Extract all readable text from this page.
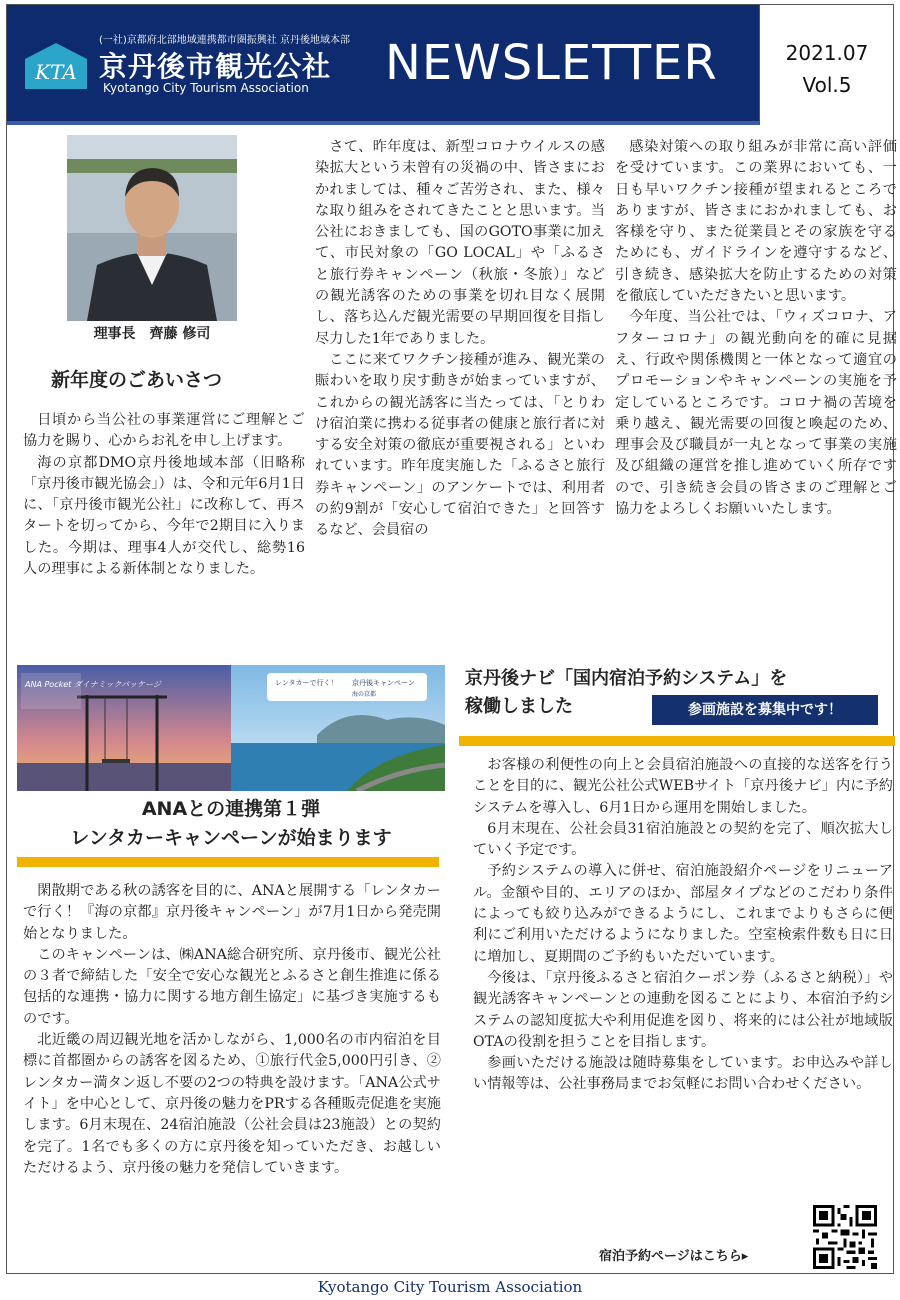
KTA
(一社)京都府北部地域連携都市圏振興社 京丹後地域本部
京丹後市観光公社
Kyotango City Tourism Association NEWSLETTER	2021.07
Vol.5
理事長　齊藤 修司
新年度のごあいさつ

日頃から当公社の事業運営にご理解とご協力を賜り、心からお礼を申し上げます。

海の京都DMO京丹後地域本部（旧略称「京丹後市観光協会」）は、令和元年6月1日に、「京丹後市観光公社」に改称して、再スタートを切ってから、今年で2期目に入りました。今期は、理事4人が交代し、総勢16人の理事による新体制となりました。

さて、昨年度は、新型コロナウイルスの感染拡大という未曾有の災禍の中、皆さまにおかれましては、種々ご苦労され、また、様々な取り組みをされてきたことと思います。当公社におきましても、国のGOTO事業に加えて、市民対象の「GO LOCAL」や「ふるさと旅行券キャンペーン（秋旅・冬旅）」などの観光誘客のための事業を切れ目なく展開し、落ち込んだ観光需要の早期回復を目指し尽力した1年でありました。

ここに来てワクチン接種が進み、観光業の賑わいを取り戻す動きが始まっていますが、これからの観光誘客に当たっては、「とりわけ宿泊業に携わる従事者の健康と旅行者に対する安全対策の徹底が重要視される」といわれています。昨年度実施した「ふるさと旅行券キャンペーン」のアンケートでは、利用者の約9割が「安心して宿泊できた」と回答するなど、会員宿の

感染対策への取り組みが非常に高い評価を受けています。この業界においても、一日も早いワクチン接種が望まれるところでありますが、皆さまにおかれましても、お客様を守り、また従業員とその家族を守るためにも、ガイドラインを遵守するなど、引き続き、感染拡大を防止するための対策を徹底していただきたいと思います。

今年度、当公社では、「ウィズコロナ、アフターコロナ」の観光動向を的確に見据え、行政や関係機関と一体となって適宜のプロモーションやキャンペーンの実施を予定しているところです。コロナ禍の苦境を乗り越え、観光需要の回復と喚起のため、理事会及び職員が一丸となって事業の実施及び組織の運営を推し進めていく所存ですので、引き続き会員の皆さまのご理解とご協力をよろしくお願いいたします。

ANA Pocket ダイナミックパッケージ	レンタカーで行く！ 京丹後キャンペーン
海の京都
ANAとの連携第１弾
レンタカーキャンペーンが始まります

閑散期である秋の誘客を目的に、ANAと展開する「レンタカーで行く！『海の京都』京丹後キャンペーン」が7月1日から発売開始となりました。

このキャンペーンは、㈱ANA総合研究所、京丹後市、観光公社の３者で締結した「安全で安心な観光とふるさと創生推進に係る包括的な連携・協力に関する地方創生協定」に基づき実施するものです。

北近畿の周辺観光地を活かしながら、1,000名の市内宿泊を目標に首都圏からの誘客を図るため、①旅行代金5,000円引き、②レンタカー満タン返し不要の2つの特典を設けます。「ANA公式サイト」を中心として、京丹後の魅力をPRする各種販売促進を実施します。6月末現在、24宿泊施設（公社会員は23施設）との契約を完了。1名でも多くの方に京丹後を知っていただき、お越しいただけるよう、京丹後の魅力を発信していきます。

京丹後ナビ「国内宿泊予約システム」を
稼働しました	参画施設を募集中です！

お客様の利便性の向上と会員宿泊施設への直接的な送客を行うことを目的に、観光公社公式WEBサイト「京丹後ナビ」内に予約システムを導入し、6月1日から運用を開始しました。

6月末現在、公社会員31宿泊施設との契約を完了、順次拡大していく予定です。

予約システムの導入に併せ、宿泊施設紹介ページをリニューアル。金額や目的、エリアのほか、部屋タイプなどのこだわり条件によっても絞り込みができるようにし、これまでよりもさらに便利にご利用いただけるようになりました。空室検索件数も日に日に増加し、夏期間のご予約もいただいています。

今後は、「京丹後ふるさと宿泊クーポン券（ふるさと納税）」や観光誘客キャンペーンとの連動を図ることにより、本宿泊予約システムの認知度拡大や利用促進を図り、将来的には公社が地域版OTAの役割を担うことを目指します。

参画いただける施設は随時募集をしています。お申込みや詳しい情報等は、公社事務局までお気軽にお問い合わせください。

宿泊予約ページはこちら▸
Kyotango City Tourism Association
